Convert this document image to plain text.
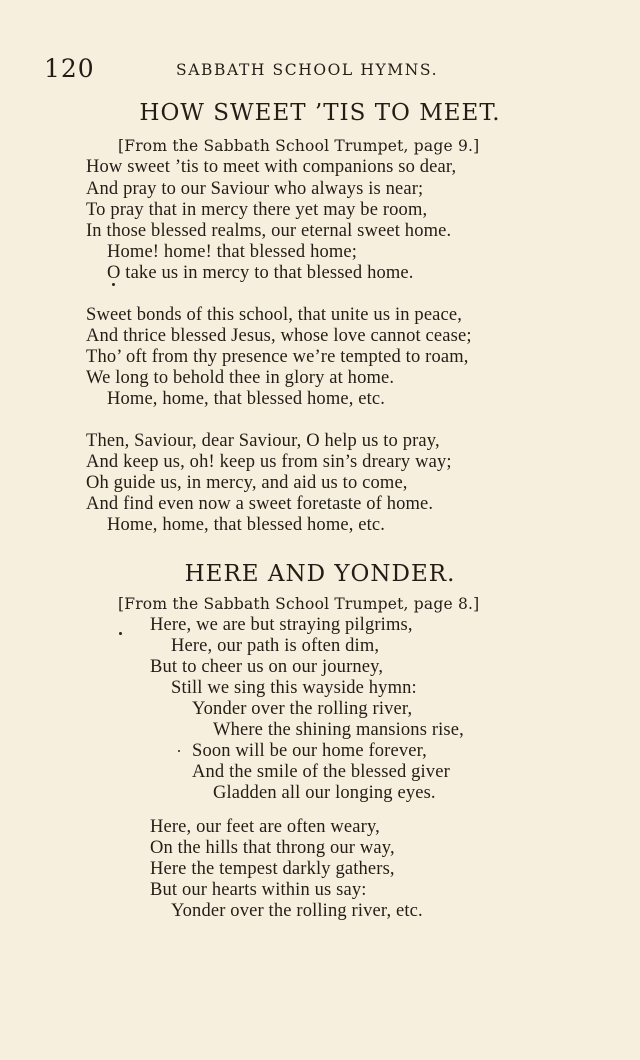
120	SABBATH SCHOOL HYMNS.
HOW SWEET ’TIS TO MEET.
[From the Sabbath School Trumpet, page 9.]
How sweet ’tis to meet with companions so dear,
And pray to our Saviour who always is near;
To pray that in mercy there yet may be room,
In those blessed realms, our eternal sweet home.
Home! home! that blessed home;
O take us in mercy to that blessed home.
Sweet bonds of this school, that unite us in peace,
And thrice blessed Jesus, whose love cannot cease;
Tho’ oft from thy presence we’re tempted to roam,
We long to behold thee in glory at home.
Home, home, that blessed home, etc.
Then, Saviour, dear Saviour, O help us to pray,
And keep us, oh! keep us from sin’s dreary way;
Oh guide us, in mercy, and aid us to come,
And find even now a sweet foretaste of home.
Home, home, that blessed home, etc.
HERE AND YONDER.
[From the Sabbath School Trumpet, page 8.]
Here, we are but straying pilgrims,
Here, our path is often dim,
But to cheer us on our journey,
Still we sing this wayside hymn:
Yonder over the rolling river,
Where the shining mansions rise,
Soon will be our home forever,
And the smile of the blessed giver
Gladden all our longing eyes.
Here, our feet are often weary,
On the hills that throng our way,
Here the tempest darkly gathers,
But our hearts within us say:
Yonder over the rolling river, etc.
